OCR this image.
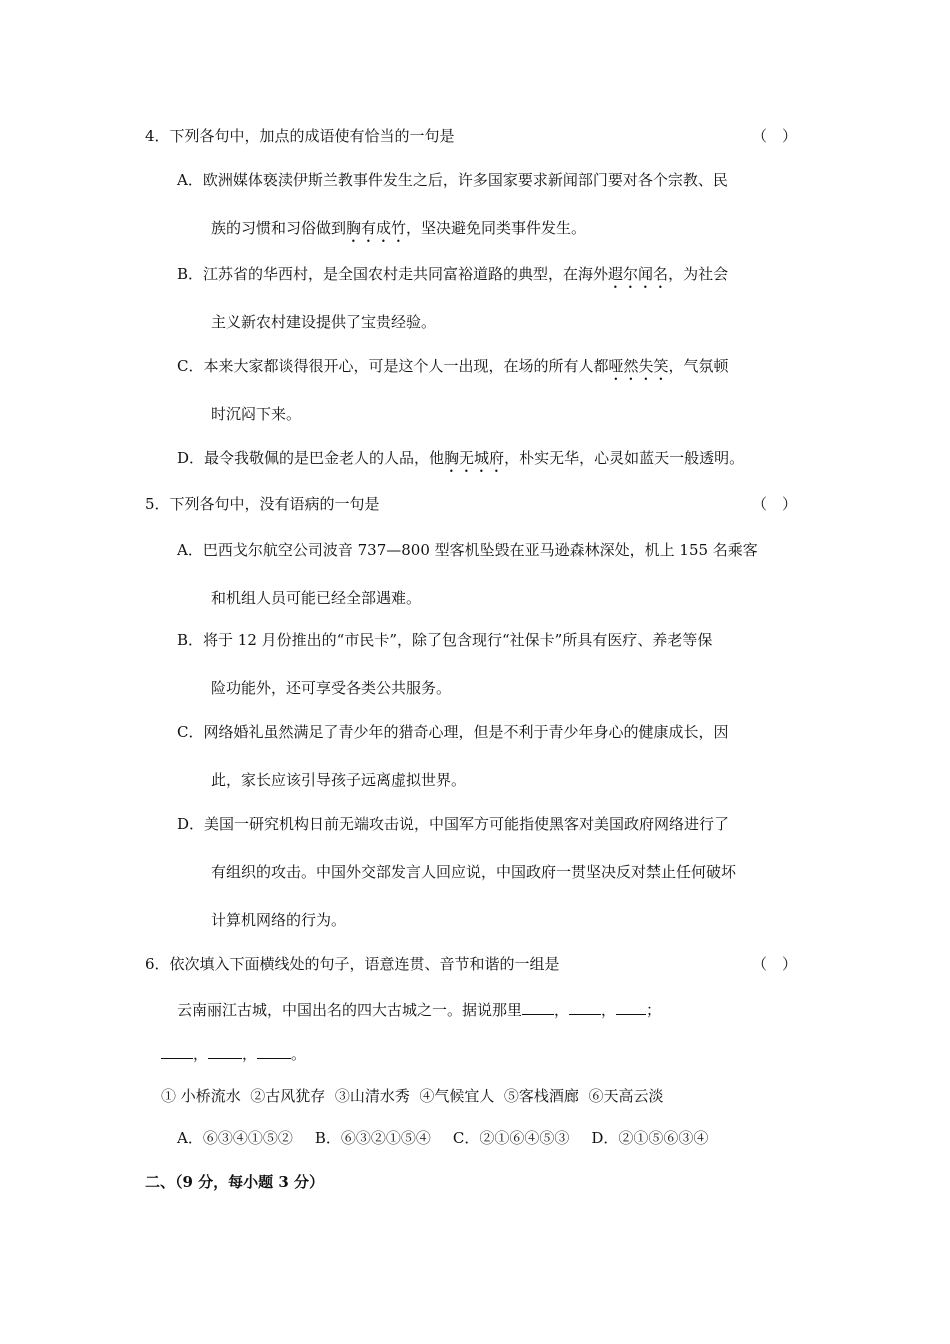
4．下列各句中，加点的成语使有恰当的一句是	（　）
A．欧洲媒体亵渎伊斯兰教事件发生之后，许多国家要求新闻部门要对各个宗教、民
族的习惯和习俗做到胸有成竹，坚决避免同类事件发生。
B．江苏省的华西村，是全国农村走共同富裕道路的典型，在海外遐尔闻名，为社会
主义新农村建设提供了宝贵经验。
C．本来大家都谈得很开心，可是这个人一出现，在场的所有人都哑然失笑，气氛顿
时沉闷下来。
D．最令我敬佩的是巴金老人的人品，他胸无城府，朴实无华，心灵如蓝天一般透明。
5．下列各句中，没有语病的一句是	（　）
A．巴西戈尔航空公司波音 737—800 型客机坠毁在亚马逊森林深处，机上 155 名乘客
和机组人员可能已经全部遇难。
B．将于 12 月份推出的“市民卡”，除了包含现行“社保卡”所具有医疗、养老等保
险功能外，还可享受各类公共服务。
C．网络婚礼虽然满足了青少年的猎奇心理，但是不利于青少年身心的健康成长，因
此，家长应该引导孩子远离虚拟世界。
D．美国一研究机构日前无端攻击说，中国军方可能指使黑客对美国政府网络进行了
有组织的攻击。中国外交部发言人回应说，中国政府一贯坚决反对禁止任何破坏
计算机网络的行为。
6．依次填入下面横线处的句子，语意连贯、音节和谐的一组是	（　）
云南丽江古城，中国出名的四大古城之一。据说那里 ， ， ；
， ， 。
① 小桥流水  ②古风犹存  ③山清水秀  ④气候宜人  ⑤客栈酒廊  ⑥天高云淡
A．⑥③④①⑤② B．⑥③②①⑤④ C．②①⑥④⑤③ D．②①⑤⑥③④
二、（9 分，每小题 3 分）
